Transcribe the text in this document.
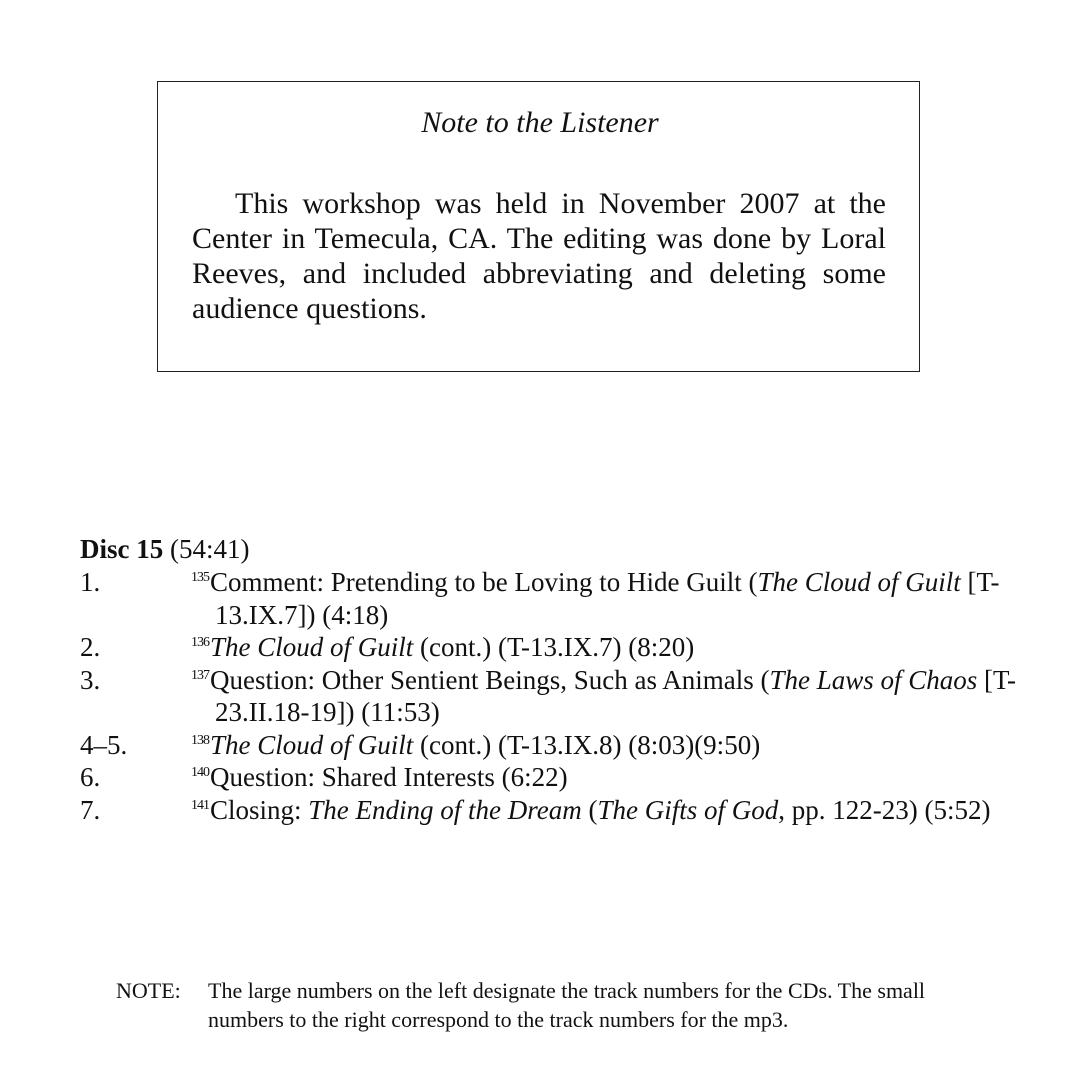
Note to the Listener
This workshop was held in November 2007 at the Center in Temecula, CA. The editing was done by Loral Reeves, and included abbreviating and deleting some audience questions.
Disc 15 (54:41)
1.	$^{135}$Comment: Pretending to be Loving to Hide Guilt (The Cloud of Guilt [T-13.IX.7]) (4:18)
2.	$^{136}$The Cloud of Guilt (cont.) (T-13.IX.7) (8:20)
3.	$^{137}$Question: Other Sentient Beings, Such as Animals (The Laws of Chaos [T-23.II.18-19]) (11:53)
4–5.	$^{138}$The Cloud of Guilt (cont.) (T-13.IX.8) (8:03)(9:50)
6.	$^{140}$Question: Shared Interests (6:22)
7.	$^{141}$Closing: The Ending of the Dream (The Gifts of God, pp. 122-23) (5:52)
NOTE: The large numbers on the left designate the track numbers for the CDs. The small numbers to the right correspond to the track numbers for the mp3.
